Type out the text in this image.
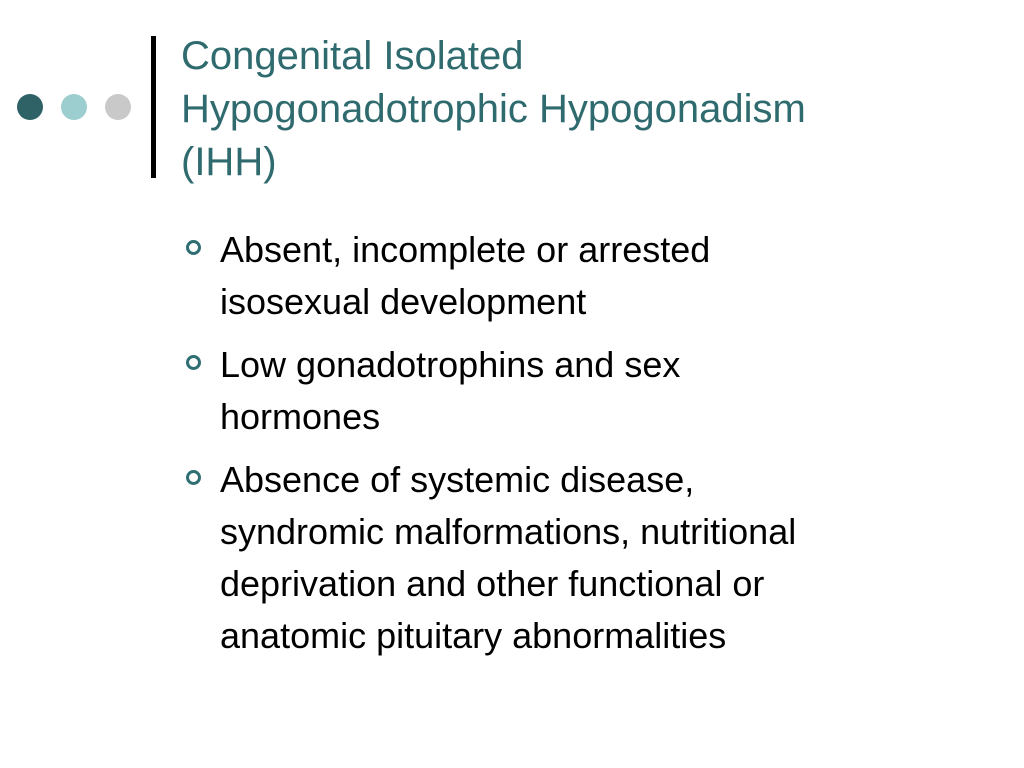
Congenital Isolated
Hypogonadotrophic Hypogonadism
(IHH)
Absent, incomplete or arrested
isosexual development
Low gonadotrophins and sex
hormones
Absence of systemic disease,
syndromic malformations, nutritional
deprivation and other functional or
anatomic pituitary abnormalities
